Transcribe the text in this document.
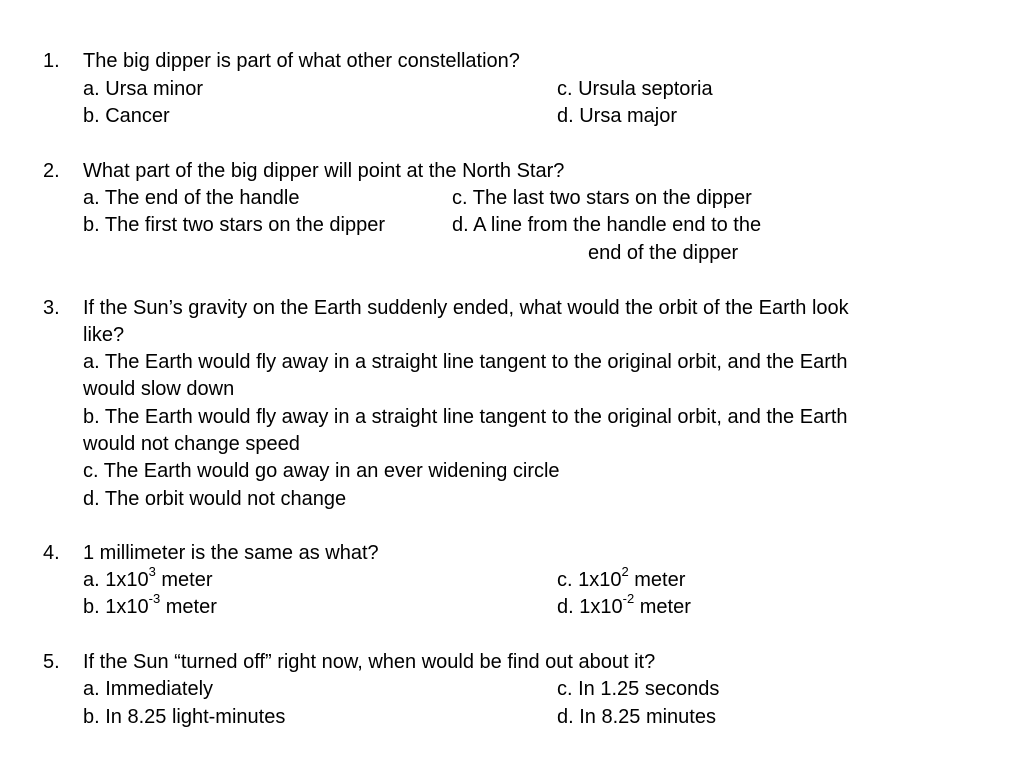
1. The big dipper is part of what other constellation?
a. Ursa minor	c. Ursula septoria
b. Cancer	d. Ursa major
2. What part of the big dipper will point at the North Star?
a. The end of the handle	c. The last two stars on the dipper
b. The first two stars on the dipper	d. A line from the handle end to the
end of the dipper
3. If the Sun’s gravity on the Earth suddenly ended, what would the orbit of the Earth look
like?
a. The Earth would fly away in a straight line tangent to the original orbit, and the Earth
would slow down
b. The Earth would fly away in a straight line tangent to the original orbit, and the Earth
would not change speed
c. The Earth would go away in an ever widening circle
d. The orbit would not change
4. 1 millimeter is the same as what?
a. $1x10^3$ meter	c. $1x10^2$ meter
b. $1x10^{-3}$ meter	d. $1x10^{-2}$ meter
5. If the Sun “turned off” right now, when would be find out about it?
a. Immediately	c. In 1.25 seconds
b. In 8.25 light-minutes	d. In 8.25 minutes
